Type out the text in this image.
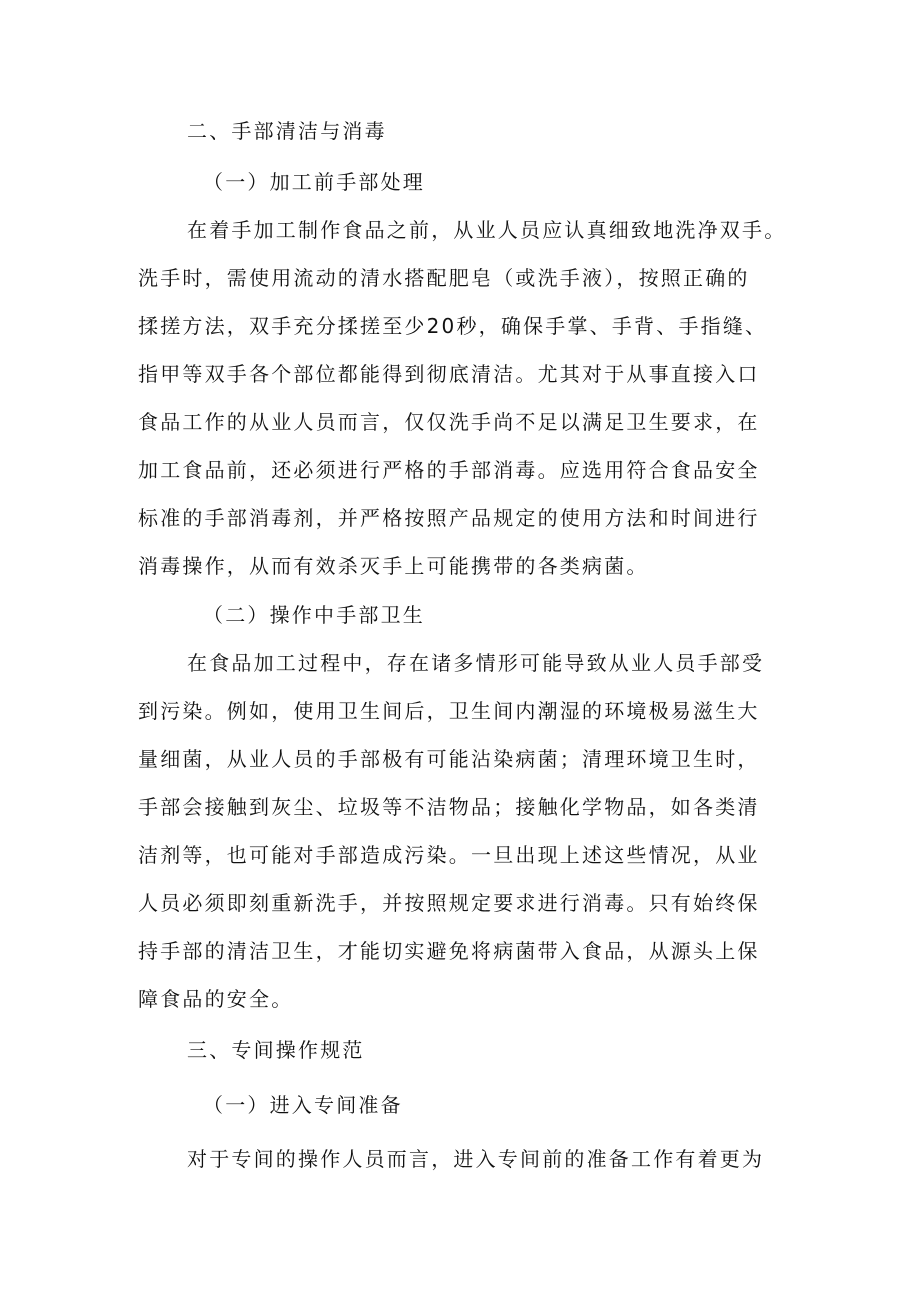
二、手部清洁与消毒
（一）加工前手部处理
在着手加工制作食品之前，从业人员应认真细致地洗净双手。
洗手时，需使用流动的清水搭配肥皂（或洗手液），按照正确的
揉搓方法，双手充分揉搓至少20秒，确保手掌、手背、手指缝、
指甲等双手各个部位都能得到彻底清洁。尤其对于从事直接入口
食品工作的从业人员而言，仅仅洗手尚不足以满足卫生要求，在
加工食品前，还必须进行严格的手部消毒。应选用符合食品安全
标准的手部消毒剂，并严格按照产品规定的使用方法和时间进行
消毒操作，从而有效杀灭手上可能携带的各类病菌。
（二）操作中手部卫生
在食品加工过程中，存在诸多情形可能导致从业人员手部受
到污染。例如，使用卫生间后，卫生间内潮湿的环境极易滋生大
量细菌，从业人员的手部极有可能沾染病菌；清理环境卫生时，
手部会接触到灰尘、垃圾等不洁物品；接触化学物品，如各类清
洁剂等，也可能对手部造成污染。一旦出现上述这些情况，从业
人员必须即刻重新洗手，并按照规定要求进行消毒。只有始终保
持手部的清洁卫生，才能切实避免将病菌带入食品，从源头上保
障食品的安全。
三、专间操作规范
（一）进入专间准备
对于专间的操作人员而言，进入专间前的准备工作有着更为
